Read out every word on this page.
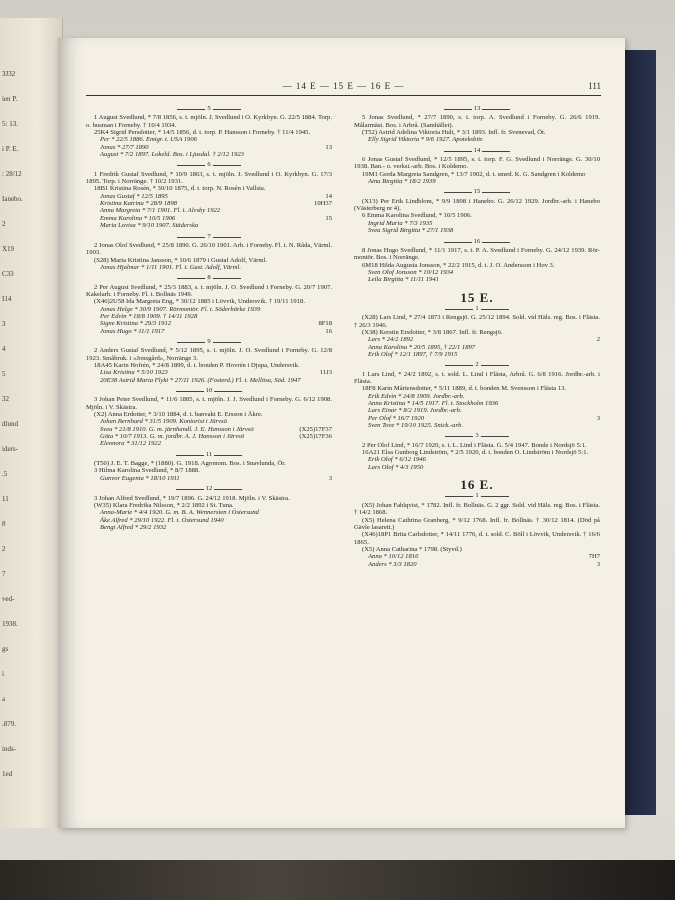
3J32
ien P.
5: 13.
i P. E.
: 28/12
Ianebo.
2
X19
C33
I14
3
4
5
32
dlund
iders-
.5
11
8
2
7
ved-
1938.
gs
i
a
.879.
inds-
1ed
— 14 E — 15 E — 16 E —	111
5

1 August Svedlund, * 7/8 1856, s. t. mjöln. J. Svedlund i O. Kyrkbyn. G. 22/5 1884. Torp. o. husman i Forneby. † 10/4 1934.

25K4 Sigrid Persdotter, * 14/5 1856, d. t. torp. P. Hansson i Forneby. † 11/4 1945.

Per * 22/5 1886. Emigr. t. USA 1906
Jonas * 27/7 1890	13
August * 7/2 1897. Lokeld. Bos. i Ljusdal. † 2/12 1923
6

1 Fredrik Gustaf Svedlund, * 10/9 1863, s. t. mjöln. J. Svedlund i O. Kyrkbyn. G. 17/3 1895. Torp. i Norränge. † 10/2 1931.

18B1 Kristina Rosén, * 30/10 1875, d. t. torp. N. Rosén i Vallsta.

Jonas Gustaf * 12/5 1895	14
Kristina Katrina * 28/9 1898	10H37
Anna Margreta * 7/1 1901. Fl. t. Alvsby 1922
Emma Karolina * 10/5 1906	15
Maria Lovisa * 9/10 1907. Städerska
7

2 Jonas Olof Svedlund, * 25/8 1890. G. 26/10 1901. Arb. i Forneby. Fl. t. N. Råda, Värml. 1903.

(S28) Maria Kristina Jansson, * 10/6 1879 i Gustaf Adolf, Värml.

Jonas Hjalmar * 1/11 1901. Fl. t. Gust. Adolf, Värml.
8

2 Per August Svedlund, * 25/3 1883, s. t. mjöln. J. O. Svedlund i Forneby. G. 20/7 1907. Kakelarb. i Forneby. Fl. t. Bollnäs 1949.

(X46)2U58 Ida Margreta Eng, * 30/12 1885 i Lövvik, Undersvik. † 19/11 1918.

Jonas Helge * 30/9 1907. Rörmontör. Fl. t. Söderbärke 1939
Per Edvin * 18/8 1909. † 14/11 1928
Signe Kristina * 29/3 1912	8F18
Jonas Hugo * 11/1 1917	16
9

2 Anders Gustaf Svedlund, * 5/12 1895, s. t. mjöln. J. O. Svedlund i Forneby. G. 12/8 1923. Småbruk. i »Jonsgård», Norränge 3.

18A45 Karin Hofrén, * 24/8 1899, d. t. bonden P. Hovrén i Djupa, Undersvik.

Lisa Kristina * 5/10 1923	11J3
20E38 Astrid Maria Flykt * 27/11 1926. (Fosterd.) Fl. t. Mellösa, Söd. 1947
10

3 Johan Peter Svedlund, * 11/6 1885, s. t. mjöln. J. J. Svedlund i Forneby. G. 6/12 1908. Mjöln. i V. Skästra.

(X2) Anna Erdotter, * 3/10 1884, d. t. banvakt E. Ersson i Äkre.

Johan Bernhard * 31/5 1909. Kontorist i Järvsö
Svea * 21/8 1910. G. m. järnhandl. J. E. Hansson i Järvsö	(X25)17F37
Göta * 10/7 1913. G. m. jordbr. A. J. Hansson i Järvsö	(X25)17F36
Eleonora * 31/12 1922
11

(T50) J. E. T. Bagge, * (1880). G. 1918. Agronom. Bos. i Snavlunda, Ör.

3 Hilma Karolina Svedlund, * 8/7 1888.

Gunvor Eugenia * 18/10 1911	3
12

3 Johan Alfred Svedlund, * 19/7 1896. G. 24/12 1918. Mjöln. i V. Skästra.

(W35) Klara Fredrika Nilsson, * 2/2 1892 i St. Tuna.

Anna-Marie * 4/4 1920. G. m. B. A. Wennersten i Östersund
Åke Alfred * 29/10 1922. Fl. t. Östersund 1940
Bengt Alfred * 29/2 1932
13

5 Jonas Svedlund, * 27/7 1890, s. t. torp. A. Svedlund i Forneby. G. 26/6 1919. Målarmäst. Bos. i Arbrå. (Samhället).

(T52) Astrid Adelina Viktoria Hult, * 3/1 1893. Infl. fr. Svenevad, Ör.

Elly Sigrid Viktoria * 9/6 1927. Apoteksbitr.
14

6 Jonas Gustaf Svedlund, * 12/5 1895, s. t. torp. F. G. Svedlund i Norränge. G. 30/10 1938. Ban.- o. verkst.-arb. Bos. i Koldemo.

19M1 Gerda Margreta Sandgren, * 13/7 1902, d. t. smed. K. G. Sandgren i Koldemo

Aina Birgitta * 18/2 1939
15

(X13) Per Erik Lindblom, * 9/9 1898 i Hanebo. G. 26/12 1929. Jordbr.-arb. i Hanebo (Västerberg nr 4).

6 Emma Karolina Svedlund, * 10/5 1906.

Ingrid Maria * 7/3 1935
Svea Sigrid Birgitta * 27/1 1938
16

8 Jonas Hugo Svedlund, * 11/1 1917, s. t. P. A. Svedlund i Forneby. G. 24/12 1939. Rör-montör. Bos. i Norränge.

6M18 Hilda Augusta Jonsson, * 22/2 1915, d. t. J. O. Andersson i Hov 3.

Sven Olof Jonsson * 10/12 1934
Leila Birgitta * 11/11 1941
15 E.
1

(X28) Lars Lind, * 27/4 1873 i Rengsjö. G. 25/12 1894. Sold. vid Häls. reg. Bos. i Flästa. † 26/3 1946.

(X38) Kerstin Ersdotter, * 3/8 1867. Infl. fr. Rengsjö.

Lars * 24/2 1892	2
Anna Karolina * 20/5 1895, † 22/1 1897
Erik Olof * 12/1 1897, † 7/9 1915
2

1 Lars Lind, * 24/2 1892, s. t. sold. L. Lind i Flästa, Arbrå. G. 6/8 1916. Jordbr.-arb. i Flästa.

18F8 Karin Mårtensdotter, * 5/11 1889, d. t. bonden M. Svensson i Flästa 13.

Erik Edvin * 24/8 1909. Jordbr.-arb.
Anna Kristina * 14/5 1917. Fl. t. Stockholm 1936
Lars Einar * 8/2 1919. Jordbr.-arb.
Per Olof * 16/7 1920	3
Sven Tove * 19/10 1925. Snick.-arb.
3

2 Per Olof Lind, * 16/7 1920, s. t. L. Lind i Flästa. G. 5/4 1947. Bonde i Nordsjö 5:1.

16A21 Elsa Gunborg Lindström, * 2/5 1920, d. t. bonden O. Lindström i Nordsjö 5:1.

Erik Olof * 6/12 1946
Lars Olof * 4/3 1950
16 E.
1

(X5) Johan Fahlqvist, * 1782. Infl. fr. Bollnäs. G. 2 ggr. Sold. vid Häls. reg. Bos. i Flästa. † 14/2 1868.

(X5) Helena Cathrina Granberg, * 9/12 1768. Infl. fr. Bollnäs. † 30/12 1814. (Död på Gävle lasarett.)

(X46)18P1 Brita Carlsdotter, * 14/11 1776, d. t. sold. C. Böll i Lövvik, Undersvik. † 16/6 1865.

(X5) Anna Catharina * 1798. (Styvd.)

Anna * 10/12 1816	7H7
Anders * 3/3 1820	3
